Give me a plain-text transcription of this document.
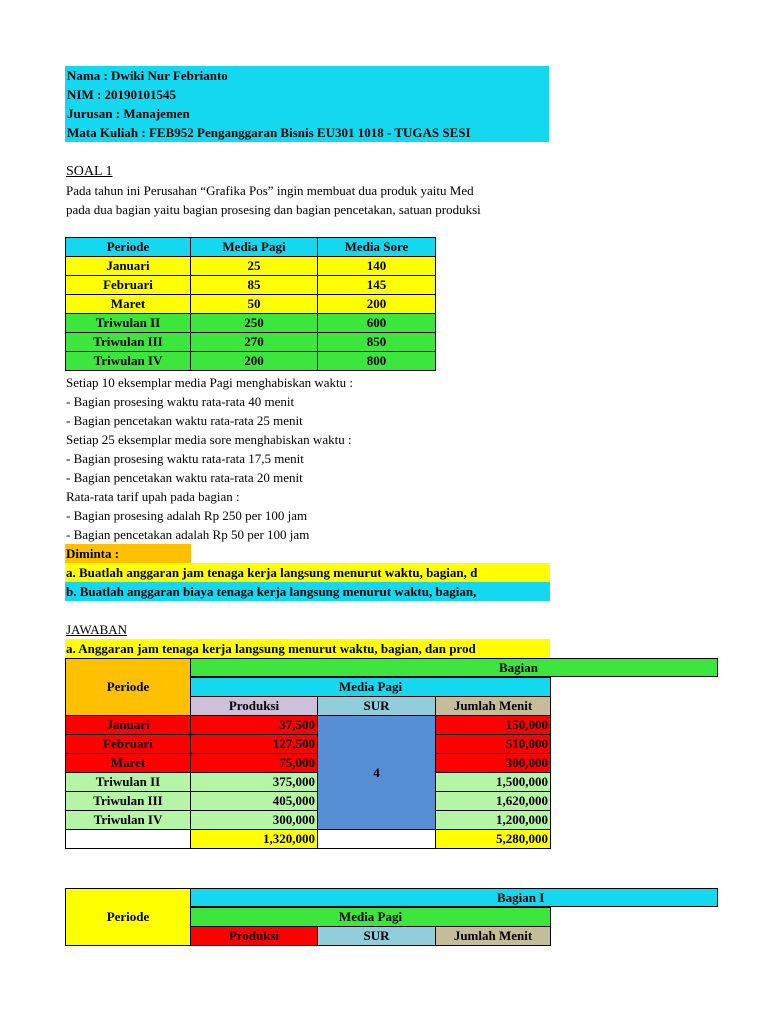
Nama : Dwiki Nur Febrianto
NIM : 20190101545
Jurusan : Manajemen
Mata Kuliah : FEB952 Penganggaran Bisnis EU301 1018 - TUGAS SESI
SOAL 1
Pada tahun ini Perusahan “Grafika Pos” ingin membuat dua produk yaitu Med
pada dua bagian yaitu bagian prosesing dan bagian pencetakan, satuan produksi
Periode	Media Pagi	Media Sore
Januari	25	140
Februari	85	145
Maret	50	200
Triwulan II	250	600
Triwulan III	270	850
Triwulan IV	200	800
Setiap 10 eksemplar media Pagi menghabiskan waktu :
- Bagian prosesing waktu rata-rata 40 menit
- Bagian pencetakan waktu rata-rata 25 menit
Setiap 25 eksemplar media sore menghabiskan waktu :
- Bagian prosesing waktu rata-rata 17,5 menit
- Bagian pencetakan waktu rata-rata 20 menit
Rata-rata tarif upah pada bagian :
- Bagian prosesing adalah Rp 250 per 100 jam
- Bagian pencetakan adalah Rp 50 per 100 jam
Diminta :
a. Buatlah anggaran jam tenaga kerja langsung menurut waktu, bagian, d
b. Buatlah anggaran biaya tenaga kerja langsung menurut waktu, bagian,
JAWABAN
a. Anggaran jam tenaga kerja langsung menurut waktu, bagian, dan prod
Bagian
Periode			
	Media Pagi		
	Produksi	SUR	Jumlah Menit
Januari	37,500	4	150,000
Februari	127,500		510,000
Maret	75,000		300,000
Triwulan II	375,000		1,500,000
Triwulan III	405,000		1,620,000
Triwulan IV	300,000		1,200,000
	1,320,000		5,280,000
Bagian I
Periode			
	Media Pagi		
	Produksi	SUR	Jumlah Menit
